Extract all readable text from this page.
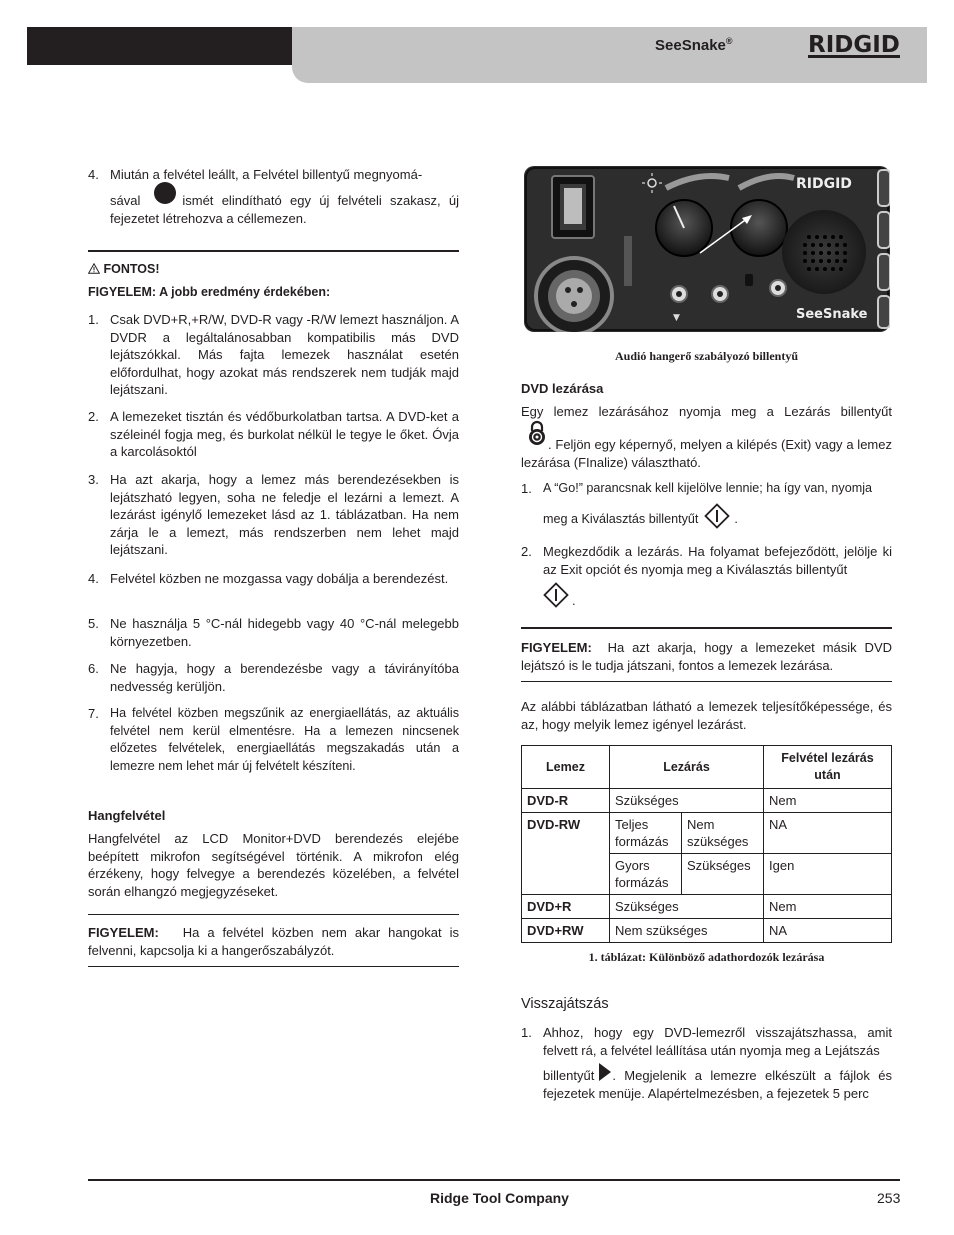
SeeSnake®	RIDGID
4. Miután a felvétel leállt, a Felvétel billentyű megnyomá-
sával	ismét elindítható egy új felvételi szakasz, új
fejezetet létrehozva a céllemezen.
FONTOS!
FIGYELEM: A jobb eredmény érdekében:
1. Csak DVD+R,+R/W, DVD-R vagy -R/W lemezt használjon. A DVDR a legáltalánosabban kompatibilis más DVD lejátszókkal. Más fajta lemezek használat esetén előfordulhat, hogy azokat más rendszerek nem tudják majd lejátszani.
2. A lemezeket tisztán és védőburkolatban tartsa. A DVD-ket a széleinél fogja meg, és burkolat nélkül le tegye le őket. Óvja a karcolásoktól
3. Ha azt akarja, hogy a lemez más berendezésekben is lejátszható legyen, soha ne feledje el lezárni a lemezt. A lezárást igénylő lemezeket lásd az 1. táblázatban. Ha nem zárja le a lemezt, más rendszerben nem lehet majd lejátszani.
4. Felvétel közben ne mozgassa vagy dobálja a berendezést.
5. Ne használja 5 °C-nál hidegebb vagy 40 °C-nál melegebb környezetben.
6. Ne hagyja, hogy a berendezésbe vagy a távirányítóba nedvesség kerüljön.
7. Ha felvétel közben megszűnik az energiaellátás, az aktuális felvétel nem kerül elmentésre. Ha a lemezen nincsenek előzetes felvételek, energiaellátás megszakadás után a lemezre nem lehet már új felvételt készíteni.
Hangfelvétel
Hangfelvétel az LCD Monitor+DVD berendezés elejébe beépített mikrofon segítségével történik. A mikrofon elég érzékeny, hogy felvegye a berendezés közelében, a felvétel során elhangzó megjegyzéseket.
FIGYELEM: Ha a felvétel közben nem akar hangokat is felvenni, kapcsolja ki a hangerőszabályzót.
▼
RIDGID
SeeSnake
Audió hangerő szabályozó billentyű
DVD lezárása
Egy lemez lezárásához nyomja meg a Lezárás billentyűt
. Feljön egy képernyő, melyen a kilépés (Exit) vagy a lemez lezárása (FInalize) választható.
1. A “Go!” parancsnak kell kijelölve lennie; ha így van, nyomja
meg a Kiválasztás billentyűt	.
2. Megkezdődik a lezárás. Ha folyamat befejeződött, jelölje ki az Exit opciót és nyomja meg a Kiválasztás billentyűt
.
FIGYELEM: Ha azt akarja, hogy a lemezeket másik DVD lejátszó is le tudja játszani, fontos a lemezek lezárása.
Az alábbi táblázatban látható a lemezek teljesítőképessége, és az, hogy melyik lemez igényel lezárást.
Lemez	Lezárás		Felvétel lezárás után
DVD-R	Szükséges		Nem
DVD-RW	Teljes formázás	Nem szükséges	NA
	Gyors formázás	Szükséges	Igen
DVD+R	Szükséges		Nem
DVD+RW	Nem szükséges		NA
1. táblázat: Különböző adathordozók lezárása
Visszajátszás
1. Ahhoz, hogy egy DVD-lemezről visszajátszhassa, amit felvett rá, a felvétel leállítása után nyomja meg a Lejátszás
billentyűt . Megjelenik a lemezre elkészült a fájlok és fejezetek menüje. Alapértelmezésben, a fejezetek 5 perc
Ridge Tool Company	253
